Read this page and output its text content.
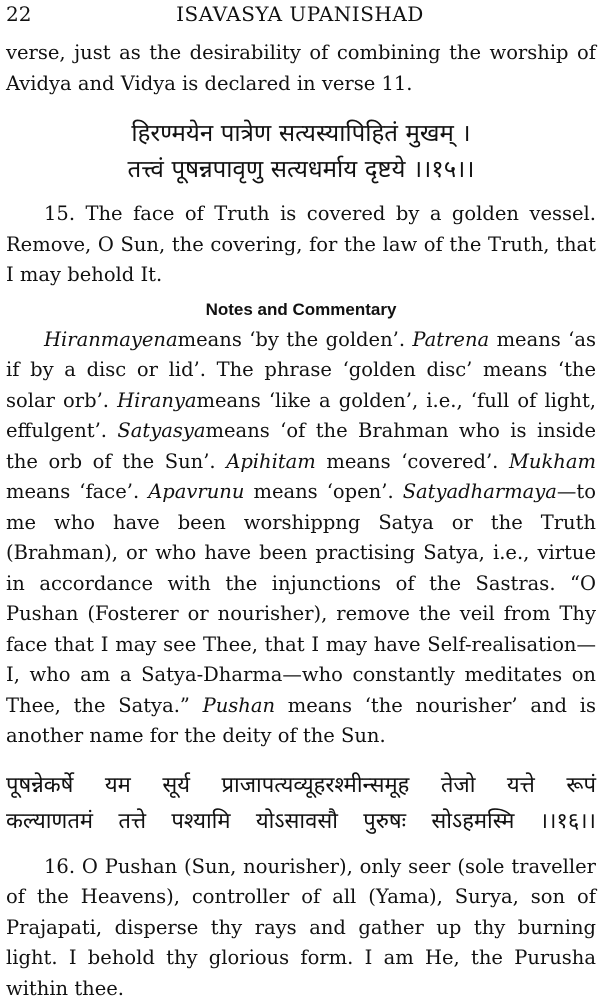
22	ISAVASYA UPANISHAD

verse, just as the desirability of combining the worship of Avidya and Vidya is declared in verse 11.

हिरण्मयेन पात्रेण सत्यस्यापिहितं मुखम् ।

तत्त्वं पूषन्नपावृणु सत्यधर्माय दृष्टये ।।१५।।

15. The face of Truth is covered by a golden vessel. Remove, O Sun, the covering, for the law of the Truth, that I may behold It.

Notes and Commentary

Hiranmayenameans ‘by the golden’. Patrena means ‘as if by a disc or lid’. The phrase ‘golden disc’ means ‘the solar orb’. Hiranyameans ‘like a golden’, i.e., ‘full of light, effulgent’. Satyasyameans ‘of the Brahman who is inside the orb of the Sun’. Apihitam means ‘covered’. Mukham means ‘face’. Apavrunu means ‘open’. Satyadharmaya—to me who have been worshippng Satya or the Truth (Brahman), or who have been practising Satya, i.e., virtue in accordance with the injunctions of the Sastras. “O Pushan (Fosterer or nourisher), remove the veil from Thy face that I may see Thee, that I may have Self-realisation—I, who am a Satya-Dharma—who constantly meditates on Thee, the Satya.” Pushan means ‘the nourisher’ and is another name for the deity of the Sun.

पूषन्नेकर्षे यम सूर्य प्राजापत्यव्यूहरश्मीन्समूह तेजो यत्ते रूपं

कल्याणतमं तत्ते पश्यामि योऽसावसौ पुरुषः सोऽहमस्मि ।।१६।।

16. O Pushan (Sun, nourisher), only seer (sole traveller of the Heavens), controller of all (Yama), Surya, son of Prajapati, disperse thy rays and gather up thy burning light. I behold thy glorious form. I am He, the Purusha within thee.
